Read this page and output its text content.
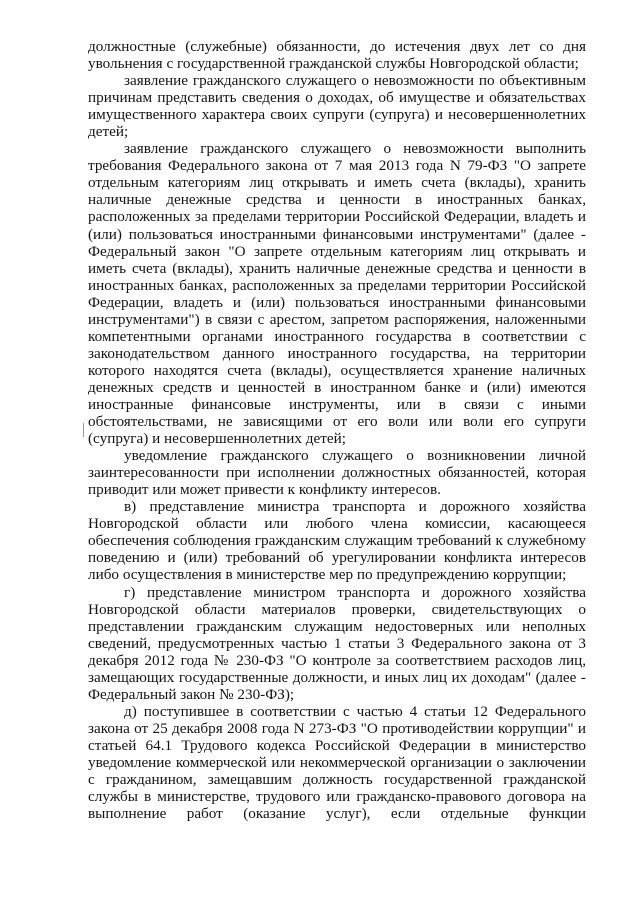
должностные (служебные) обязанности, до истечения двух лет со дня увольнения с государственной гражданской службы Новгородской области;

заявление гражданского служащего о невозможности по объективным причинам представить сведения о доходах, об имуществе и обязательствах имущественного характера своих супруги (супруга) и несовершеннолетних детей;

заявление гражданского служащего о невозможности выполнить требования Федерального закона от 7 мая 2013 года N 79-ФЗ "О запрете отдельным категориям лиц открывать и иметь счета (вклады), хранить наличные денежные средства и ценности в иностранных банках, расположенных за пределами территории Российской Федерации, владеть и (или) пользоваться иностранными финансовыми инструментами" (далее - Федеральный закон "О запрете отдельным категориям лиц открывать и иметь счета (вклады), хранить наличные денежные средства и ценности в иностранных банках, расположенных за пределами территории Российской Федерации, владеть и (или) пользоваться иностранными финансовыми инструментами") в связи с арестом, запретом распоряжения, наложенными компетентными органами иностранного государства в соответствии с законодательством данного иностранного государства, на территории которого находятся счета (вклады), осуществляется хранение наличных денежных средств и ценностей в иностранном банке и (или) имеются иностранные финансовые инструменты, или в связи с иными обстоятельствами, не зависящими от его воли или воли его супруги (супруга) и несовершеннолетних детей;

уведомление гражданского служащего о возникновении личной заинтересованности при исполнении должностных обязанностей, которая приводит или может привести к конфликту интересов.

в) представление министра транспорта и дорожного хозяйства Новгородской области или любого члена комиссии, касающееся обеспечения соблюдения гражданским служащим требований к служебному поведению и (или) требований об урегулировании конфликта интересов либо осуществления в министерстве мер по предупреждению коррупции;

г) представление министром транспорта и дорожного хозяйства Новгородской области материалов проверки, свидетельствующих о представлении гражданским служащим недостоверных или неполных сведений, предусмотренных частью 1 статьи 3 Федерального закона от 3 декабря 2012 года № 230-ФЗ "О контроле за соответствием расходов лиц, замещающих государственные должности, и иных лиц их доходам" (далее - Федеральный закон № 230-ФЗ);

д) поступившее в соответствии с частью 4 статьи 12 Федерального закона от 25 декабря 2008 года N 273-ФЗ "О противодействии коррупции" и статьей 64.1 Трудового кодекса Российской Федерации в министерство уведомление коммерческой или некоммерческой организации о заключении с гражданином, замещавшим должность государственной гражданской службы в министерстве, трудового или гражданско-правового договора на выполнение работ (оказание услуг), если отдельные функции
